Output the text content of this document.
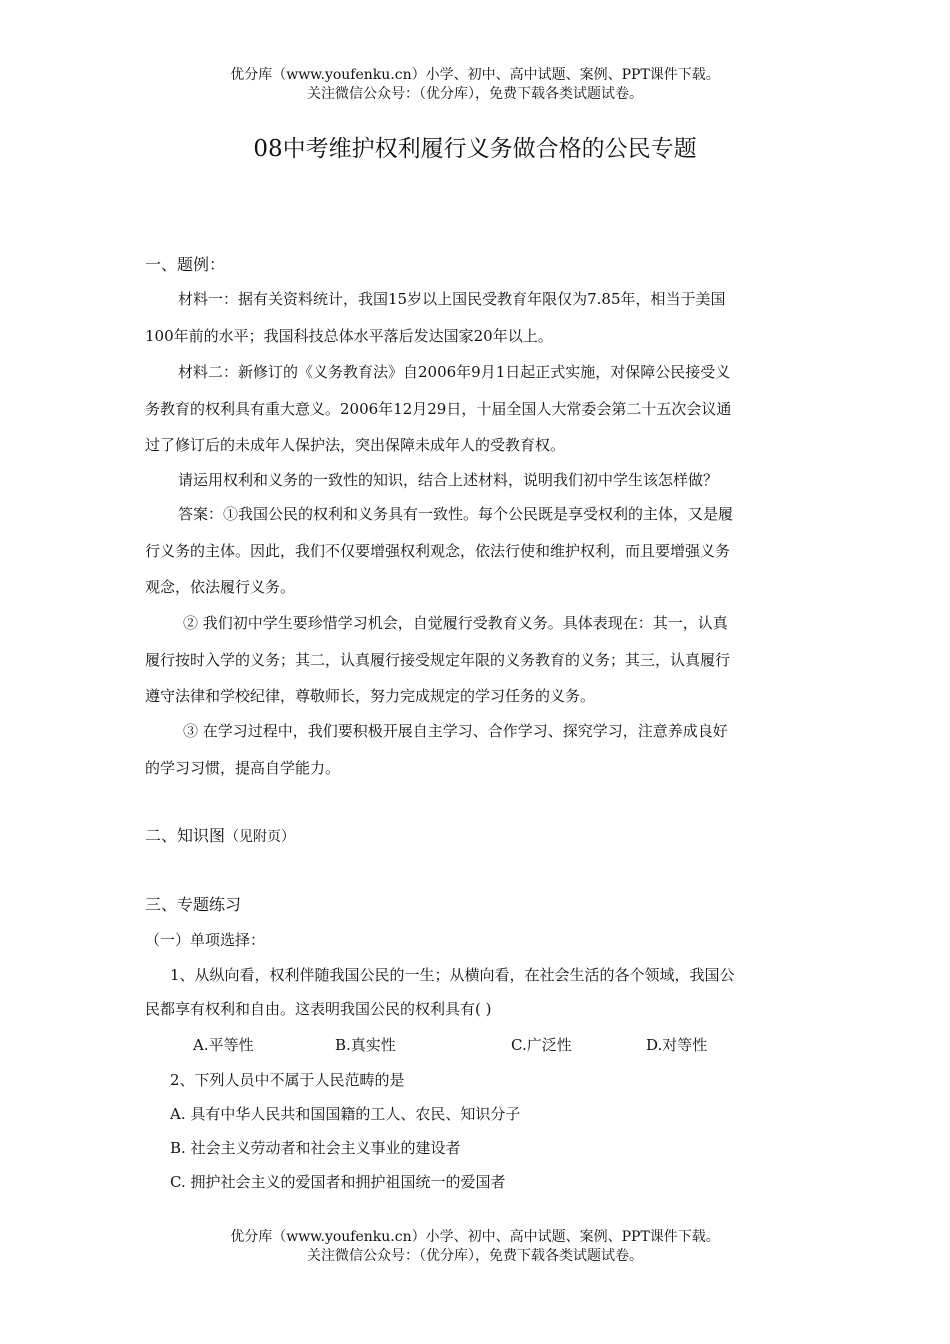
优分库（www.youfenku.cn）小学、初中、高中试题、案例、PPT课件下载。
关注微信公众号：（优分库），免费下载各类试题试卷。
08中考维护权利履行义务做合格的公民专题
一、题例：
材料一：据有关资料统计，我国15岁以上国民受教育年限仅为7.85年，相当于美国
100年前的水平；我国科技总体水平落后发达国家20年以上。
材料二：新修订的《义务教育法》自2006年9月1日起正式实施，对保障公民接受义
务教育的权利具有重大意义。2006年12月29日，十届全国人大常委会第二十五次会议通
过了修订后的未成年人保护法，突出保障未成年人的受教育权。
请运用权利和义务的一致性的知识，结合上述材料，说明我们初中学生该怎样做？
答案：①我国公民的权利和义务具有一致性。每个公民既是享受权利的主体，又是履
行义务的主体。因此，我们不仅要增强权利观念，依法行使和维护权利，而且要增强义务
观念，依法履行义务。
② 我们初中学生要珍惜学习机会，自觉履行受教育义务。具体表现在：其一，认真
履行按时入学的义务；其二，认真履行接受规定年限的义务教育的义务；其三，认真履行
遵守法律和学校纪律，尊敬师长，努力完成规定的学习任务的义务。
③ 在学习过程中，我们要积极开展自主学习、合作学习、探究学习，注意养成良好
的学习习惯，提高自学能力。
二、知识图（见附页）
三、专题练习
（一）单项选择：
1、从纵向看，权利伴随我国公民的一生；从横向看，在社会生活的各个领域，我国公
民都享有权利和自由。这表明我国公民的权利具有( )
A.平等性	B.真实性	C.广泛性	D.对等性
2、下列人员中不属于人民范畴的是
A. 具有中华人民共和国国籍的工人、农民、知识分子
B. 社会主义劳动者和社会主义事业的建设者
C. 拥护社会主义的爱国者和拥护祖国统一的爱国者
优分库（www.youfenku.cn）小学、初中、高中试题、案例、PPT课件下载。
关注微信公众号：（优分库），免费下载各类试题试卷。
